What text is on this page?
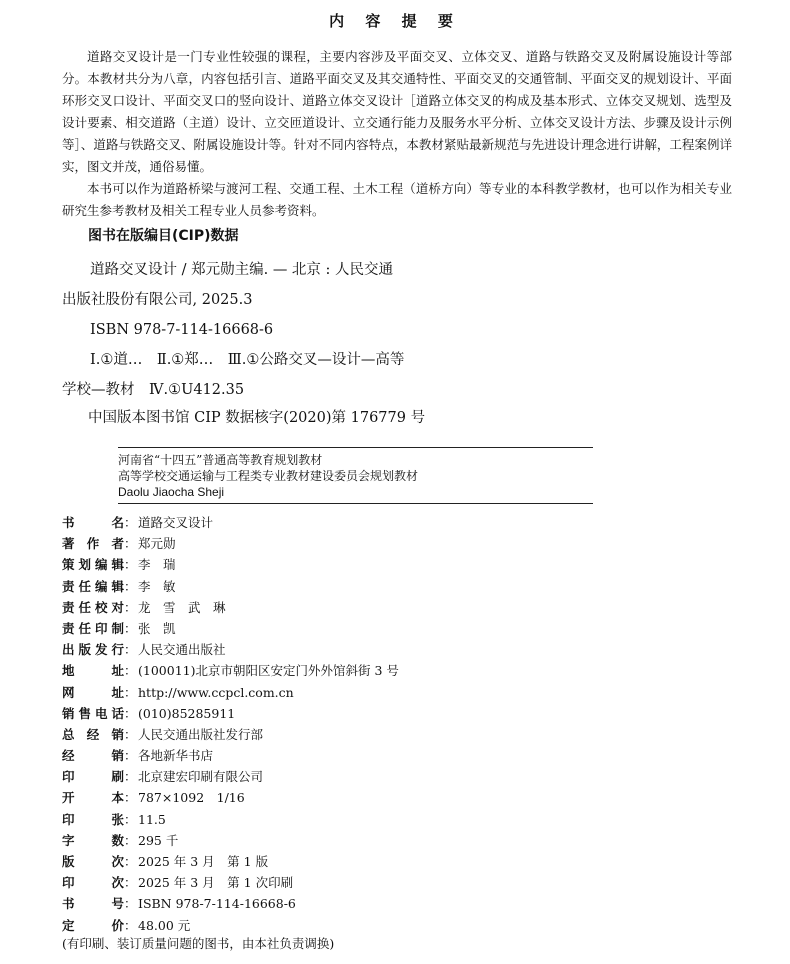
内 容 提 要

道路交叉设计是一门专业性较强的课程，主要内容涉及平面交叉、立体交叉、道路与铁路交叉及附属设施设计等部分。本教材共分为八章，内容包括引言、道路平面交叉及其交通特性、平面交叉的交通管制、平面交叉的规划设计、平面环形交叉口设计、平面交叉口的竖向设计、道路立体交叉设计［道路立体交叉的构成及基本形式、立体交叉规划、选型及设计要素、相交道路（主道）设计、立交匝道设计、立交通行能力及服务水平分析、立体交叉设计方法、步骤及设计示例等］、道路与铁路交叉、附属设施设计等。针对不同内容特点，本教材紧贴最新规范与先进设计理念进行讲解，工程案例详实，图文并茂，通俗易懂。

本书可以作为道路桥梁与渡河工程、交通工程、土木工程（道桥方向）等专业的本科教学教材，也可以作为相关专业研究生参考教材及相关工程专业人员参考资料。

图书在版编目(CIP)数据
道路交叉设计 / 郑元勋主编. — 北京 : 人民交通
出版社股份有限公司, 2025.3
ISBN 978-7-114-16668-6
Ⅰ.①道…　Ⅱ.①郑…　Ⅲ.①公路交叉—设计—高等
学校—教材　Ⅳ.①U412.35
中国版本图书馆 CIP 数据核字(2020)第 176779 号
河南省“十四五”普通高等教育规划教材
高等学校交通运输与工程类专业教材建设委员会规划教材
Daolu Jiaocha Sheji
书	名 ： 道路交叉设计
著 作 者 ： 郑元勋
策 划 编 辑 ： 李　瑞
责 任 编 辑 ： 李　敏
责 任 校 对 ： 龙　雪　武　琳
责 任 印 制 ： 张　凯
出 版 发 行 ： 人民交通出版社
地	址 ： (100011)北京市朝阳区安定门外外馆斜街 3 号
网	址 ： http://www.ccpcl.com.cn
销 售 电 话 ： (010)85285911
总 经 销 ： 人民交通出版社发行部
经	销 ： 各地新华书店
印	刷 ： 北京建宏印刷有限公司
开	本 ： 787×1092　1/16
印	张 ： 11.5
字	数 ： 295 千
版	次 ： 2025 年 3 月　第 1 版
印	次 ： 2025 年 3 月　第 1 次印刷
书	号 ： ISBN 978-7-114-16668-6
定	价 ： 48.00 元
(有印刷、装订质量问题的图书，由本社负责调换)
